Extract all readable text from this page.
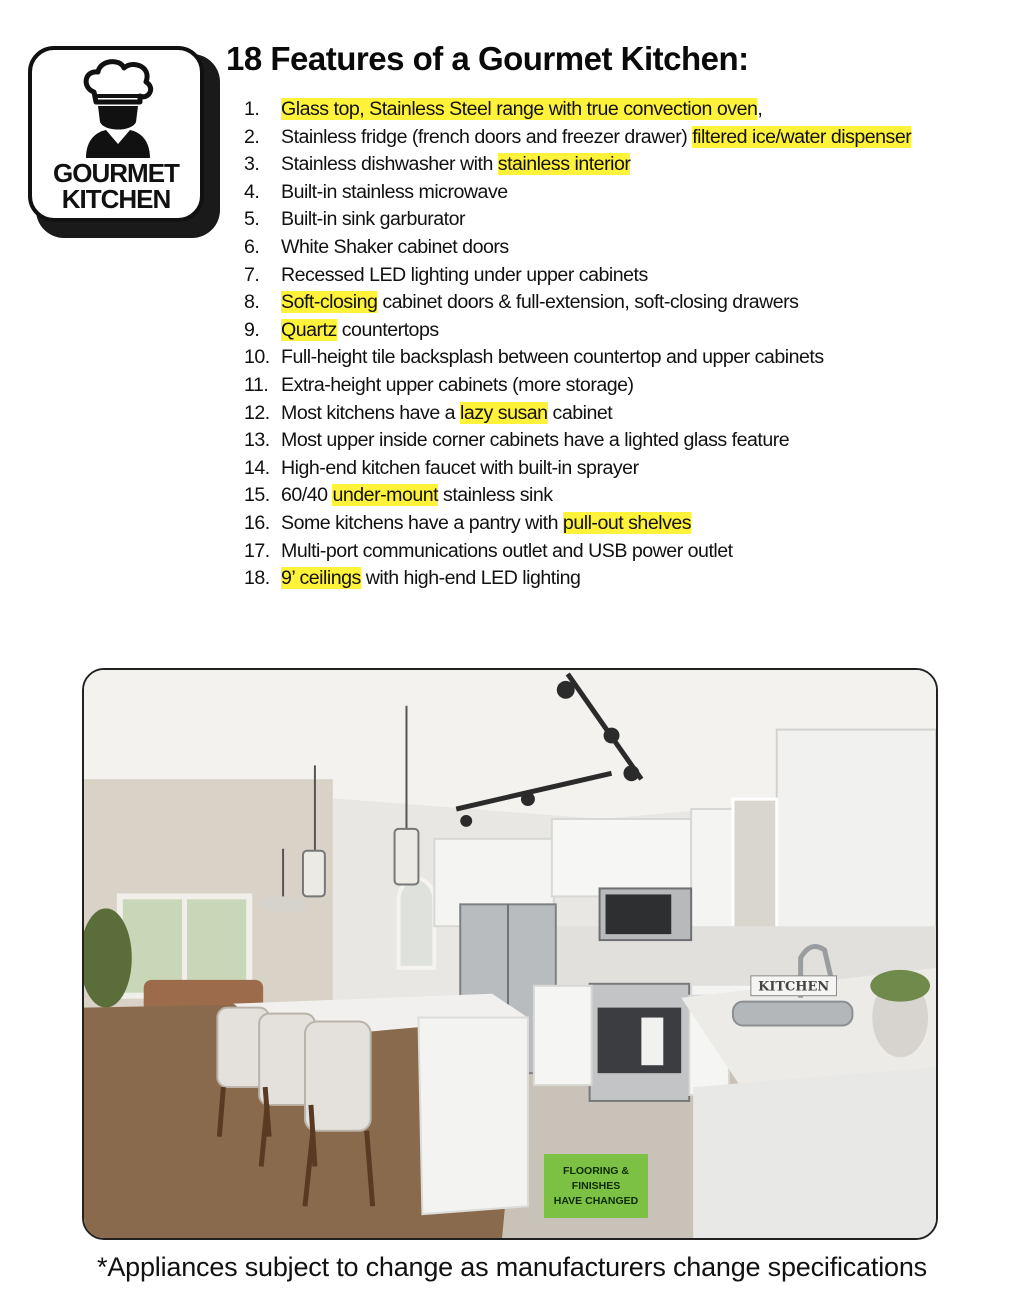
GOURMET
KITCHEN
18 Features of a Gourmet Kitchen:
1.	Glass top, Stainless Steel range with true convection oven,
2.	Stainless fridge (french doors and freezer drawer) filtered ice/water dispenser
3.	Stainless dishwasher with stainless interior
4.	Built-in stainless microwave
5.	Built-in sink garburator
6.	White Shaker cabinet doors
7.	Recessed LED lighting under upper cabinets
8.	Soft-closing cabinet doors & full-extension, soft-closing drawers
9.	Quartz countertops
10. Full-height tile backsplash between countertop and upper cabinets
11. Extra-height upper cabinets (more storage)
12. Most kitchens have a lazy susan cabinet
13. Most upper inside corner cabinets have a lighted glass feature
14. High-end kitchen faucet with built-in sprayer
15. 60/40 under-mount stainless sink
16. Some kitchens have a pantry with pull-out shelves
17. Multi-port communications outlet and USB power outlet
18. 9’ ceilings with high-end LED lighting
KITCHEN
FLOORING &
FINISHES
HAVE CHANGED
*Appliances subject to change as manufacturers change specifications
